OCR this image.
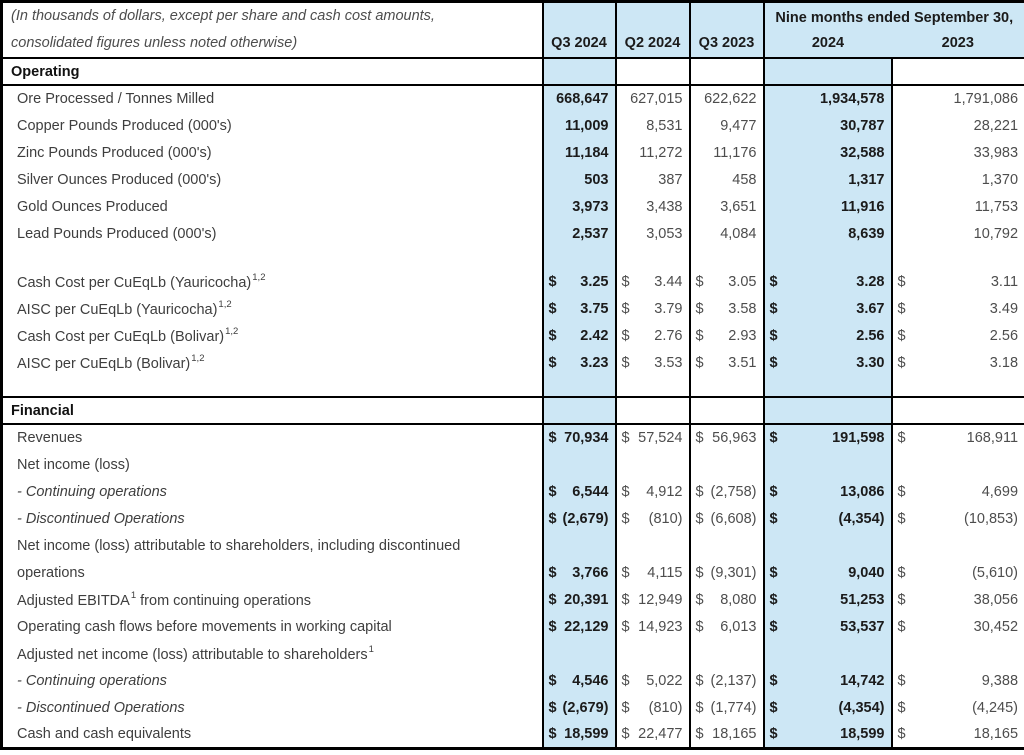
(In thousands of dollars, except per share and cash cost amounts,
consolidated figures unless noted otherwise)	Q3 2024	Q2 2024	Q3 2023	Nine months ended September 30,	
				2024	2023
Operating	

Ore Processed / Tonnes Milled	668,647	627,015	622,622	1,934,578	1,791,086

Copper Pounds Produced (000's)	11,009	8,531	9,477	30,787	28,221

Zinc Pounds Produced (000's)	11,184	11,272	11,176	32,588	33,983

Silver Ounces Produced (000's)	503	387	458	1,317	1,370

Gold Ounces Produced	3,973	3,438	3,651	11,916	11,753

Lead Pounds Produced (000's)	2,537	3,053	4,084	8,639	10,792

Cash Cost per CuEqLb (Yauricocha)$^{1,2}$	$ 3.25	$ 3.44	$ 3.05	$ 3.28	$ 3.11

AISC per CuEqLb (Yauricocha)$^{1,2}$	$ 3.75	$ 3.79	$ 3.58	$ 3.67	$ 3.49

Cash Cost per CuEqLb (Bolivar)$^{1,2}$	$ 2.42	$ 2.76	$ 2.93	$ 2.56	$ 2.56

AISC per CuEqLb (Bolivar)$^{1,2}$	$ 3.23	$ 3.53	$ 3.51	$ 3.30	$ 3.18

Financial	

Revenues	$ 70,934	$ 57,524	$ 56,963	$ 191,598	$ 168,911

Net income (loss)	

- Continuing operations	$ 6,544	$ 4,912	$ (2,758)	$ 13,086	$ 4,699

- Discontinued Operations	$ (2,679)	$ (810)	$ (6,608)	$ (4,354)	$ (10,853)

Net income (loss) attributable to shareholders, including discontinued	

operations	$ 3,766	$ 4,115	$ (9,301)	$ 9,040	$ (5,610)

Adjusted EBITDA$^1$ from continuing operations	$ 20,391	$ 12,949	$ 8,080	$ 51,253	$ 38,056

Operating cash flows before movements in working capital	$ 22,129	$ 14,923	$ 6,013	$ 53,537	$ 30,452

Adjusted net income (loss) attributable to shareholders$^1$	

- Continuing operations	$ 4,546	$ 5,022	$ (2,137)	$ 14,742	$ 9,388

- Discontinued Operations	$ (2,679)	$ (810)	$ (1,774)	$ (4,354)	$ (4,245)

Cash and cash equivalents	$ 18,599	$ 22,477	$ 18,165	$ 18,599	$ 18,165
